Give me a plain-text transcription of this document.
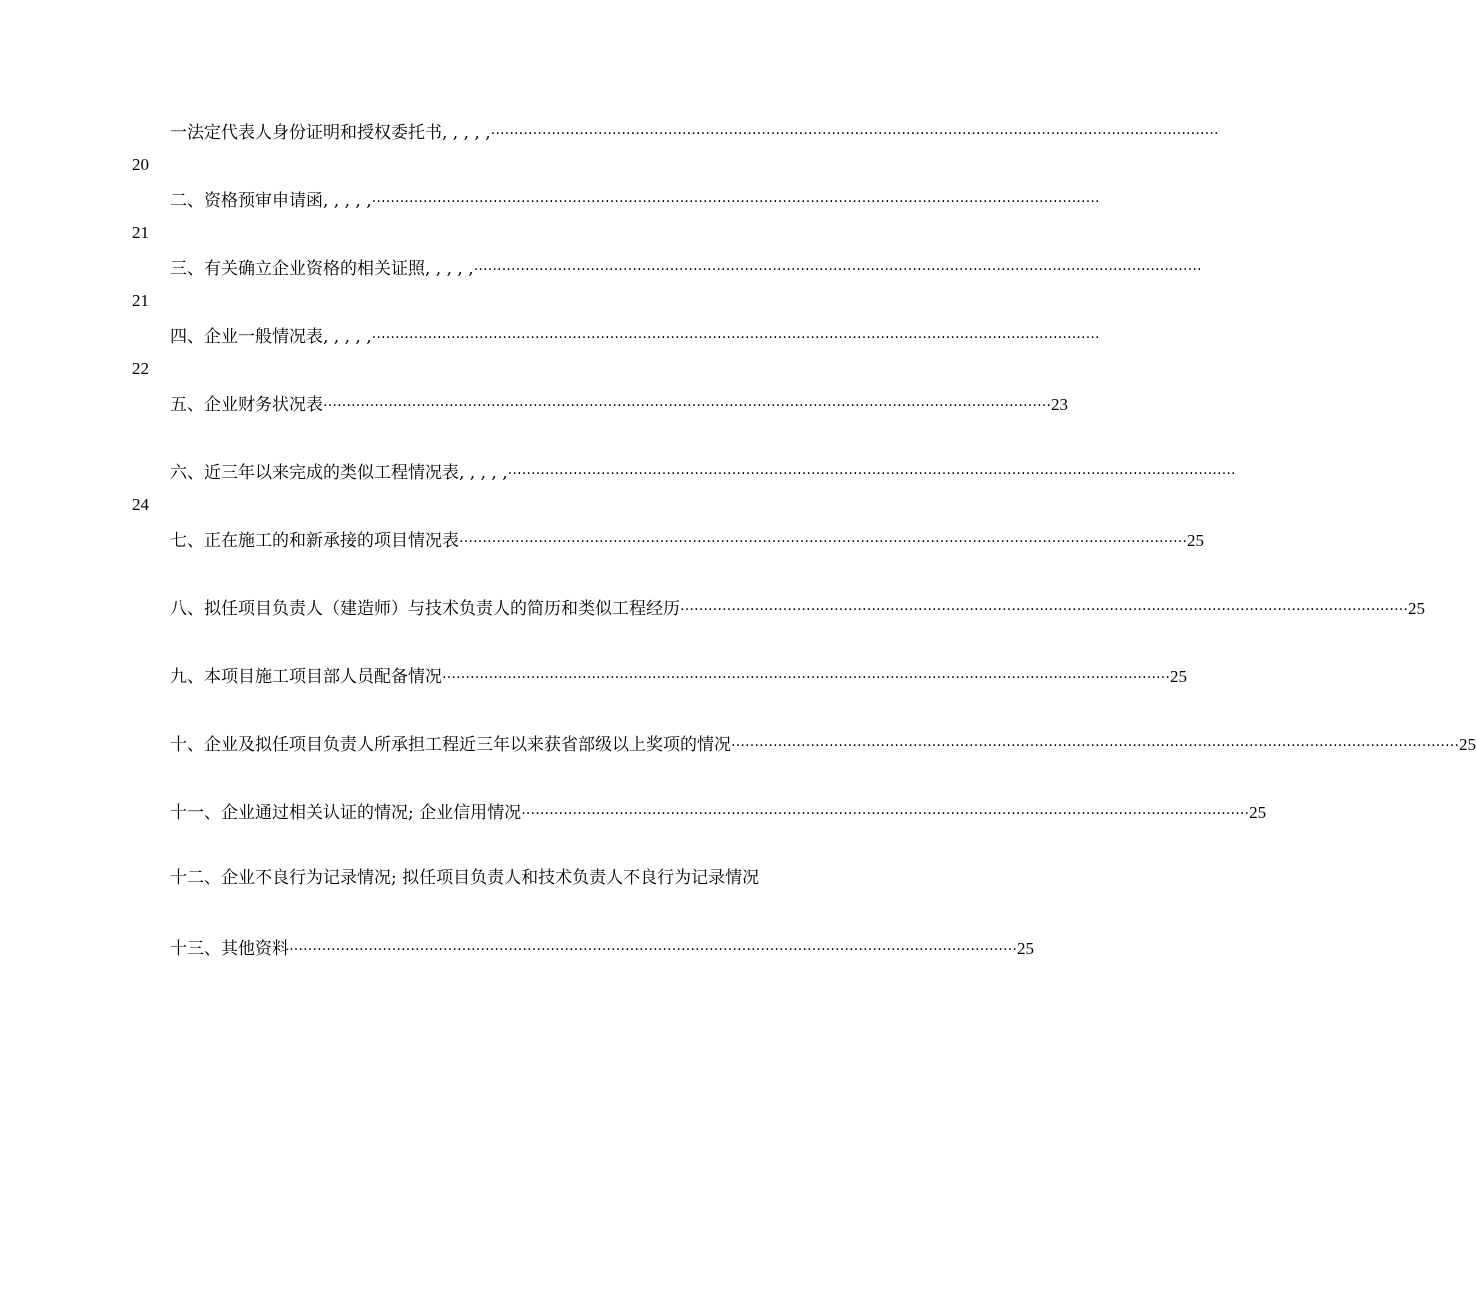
一法定代表人身份证明和授权委托书, , , , , …………………………………………………………………………………………………………………………………………
20
二、资格预审申请函, , , , , …………………………………………………………………………………………………………………………………………
21
三、有关确立企业资格的相关证照, , , , , …………………………………………………………………………………………………………………………………………
21
四、企业一般情况表, , , , , …………………………………………………………………………………………………………………………………………
22
五、企业财务状况表 ………………………………………………………………………………………………………………………………………… 23
六、近三年以来完成的类似工程情况表, , , , , …………………………………………………………………………………………………………………………………………
24
七、正在施工的和新承接的项目情况表 ………………………………………………………………………………………………………………………………………… 25
八、拟任项目负责人（建造师）与技术负责人的简历和类似工程经历 ………………………………………………………………………………………………………………………………………… 25
九、本项目施工项目部人员配备情况 ………………………………………………………………………………………………………………………………………… 25
十、企业及拟任项目负责人所承担工程近三年以来获省部级以上奖项的情况 ………………………………………………………………………………………………………………………………………… 25
十一、企业通过相关认证的情况; 企业信用情况 ………………………………………………………………………………………………………………………………………… 25
十二、企业不良行为记录情况; 拟任项目负责人和技术负责人不良行为记录情况
十三、其他资料 ………………………………………………………………………………………………………………………………………… 25
